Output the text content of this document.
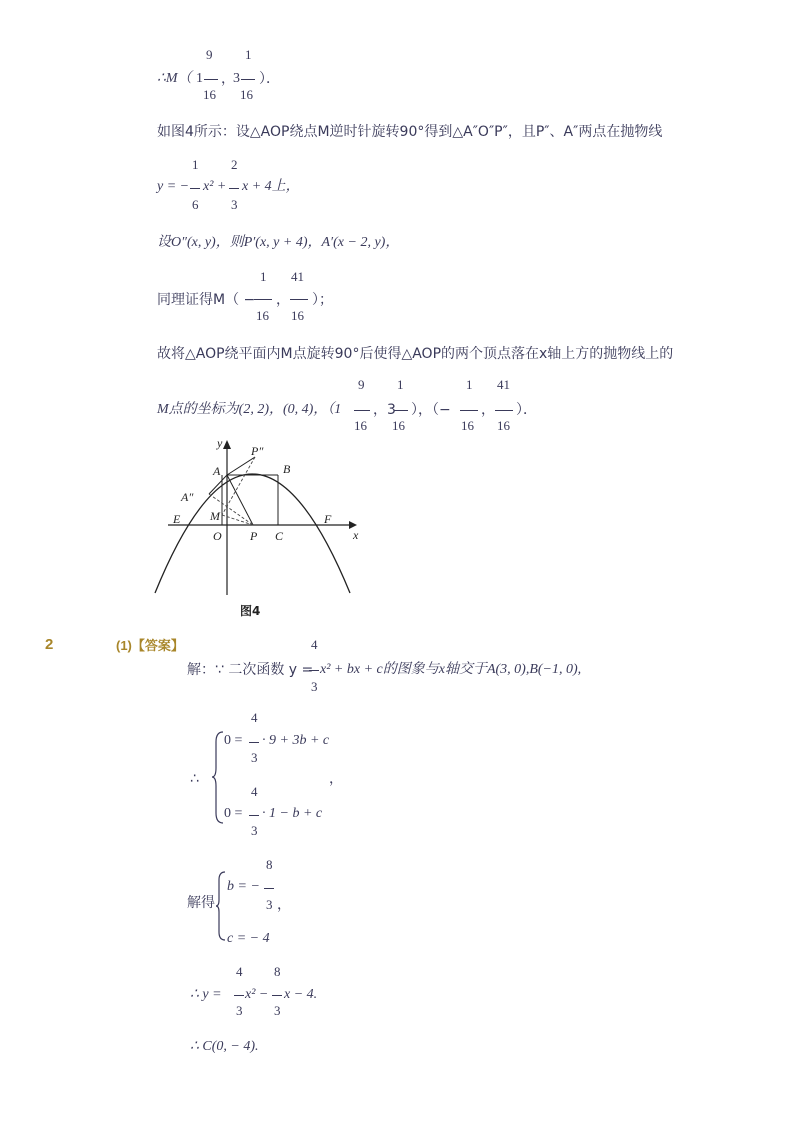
∴M（
9
1
16
，
1
3
16
）．
如图4所示：设△AOP绕点M逆时针旋转90°得到△A″O″P″，且P″、A″两点在抛物线
y = −
1
6
x² +
2
3
x + 4上，
设O″(x, y)，则P′(x, y + 4)，A′(x − 2, y)，
同理证得M（ −
1
16
，
41
16
）；
故将△AOP绕平面内M点旋转90°后使得△AOP的两个顶点落在x轴上方的抛物线上的
M点的坐标为(2, 2)，(0, 4)，（1
9
16
，3
1
16
），（−
1
16
，
41
16
）．
y
x
A	B
P″
A″
M
E	F
O P C
图4
2	(1)【答案】
解：∵ 二次函数 y =
4
3
x² + bx + c的图象与x轴交于A(3, 0),B(−1, 0),
∴
0 =
4
3
· 9 + 3b + c
，
0 =
4
3
· 1 − b + c
解得
b = −
8
3 ，
c = − 4
∴ y =
4
3
x² −
8
3
x − 4.
∴ C(0, − 4).
